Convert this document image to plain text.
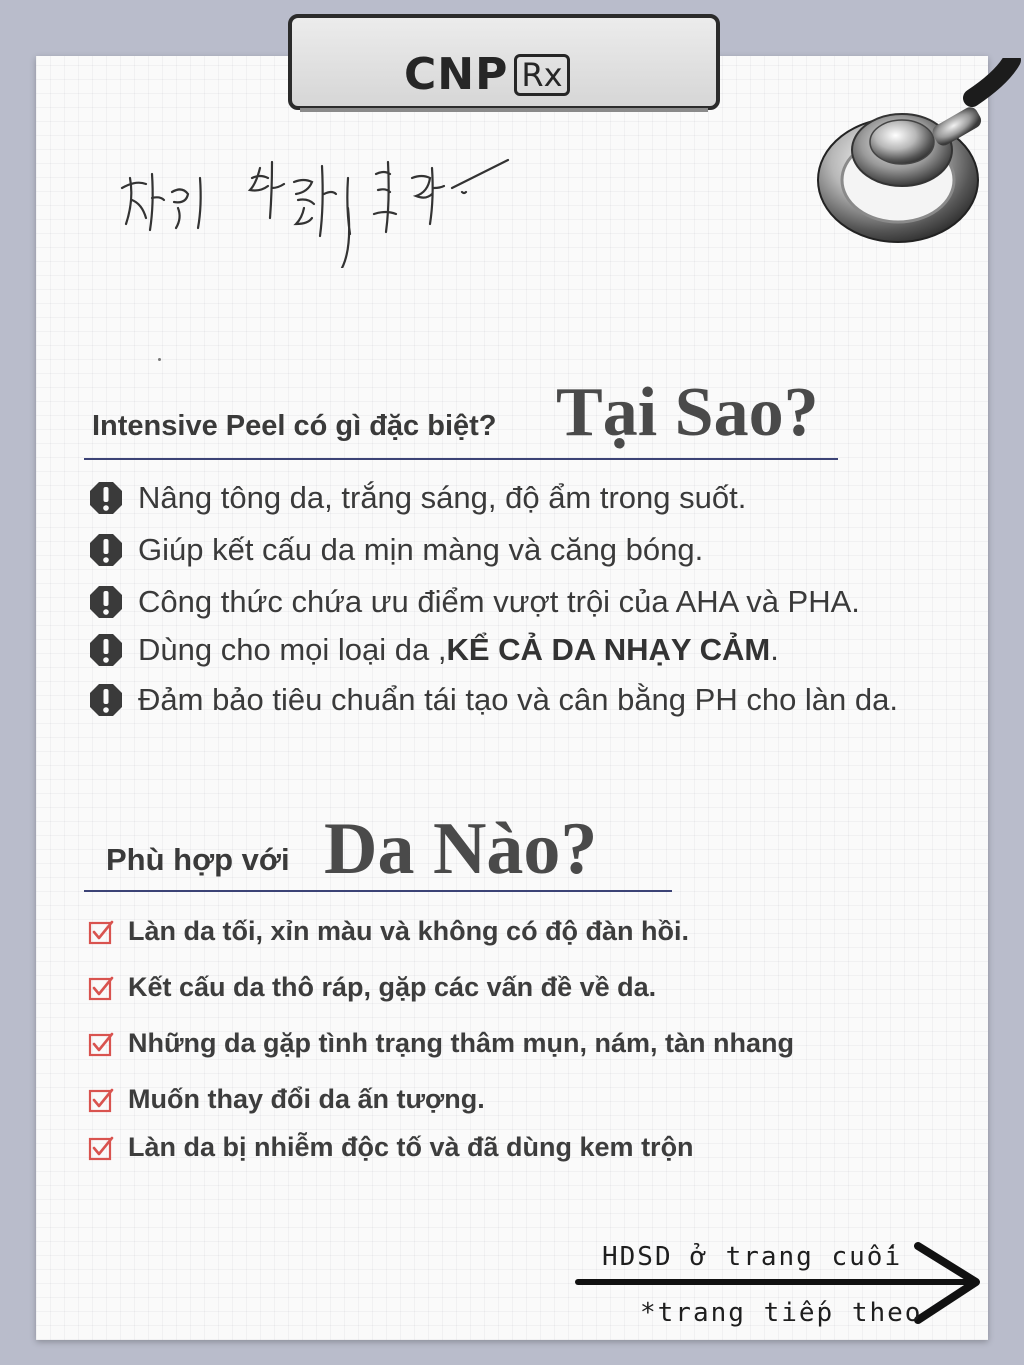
CNP Rx
Intensive Peel có gì đặc biệt? Tại Sao?
Nâng tông da, trắng sáng, độ ẩm trong suốt.
Giúp kết cấu da mịn màng và căng bóng.
Công thức chứa ưu điểm vượt trội của AHA và PHA.
Dùng cho mọi loại da , KỂ CẢ DA NHẠY CẢM .
Đảm bảo tiêu chuẩn tái tạo và cân bằng PH cho làn da.
Phù hợp với Da Nào?
Làn da tối, xỉn màu và không có độ đàn hồi.
Kết cấu da thô ráp, gặp các vấn đề về da.
Những da gặp tình trạng thâm mụn, nám, tàn nhang
Muốn thay đổi da ấn tượng.
Làn da bị nhiễm độc tố và đã dùng kem trộn
HDSD ở trang cuối
*trang tiếp theo
